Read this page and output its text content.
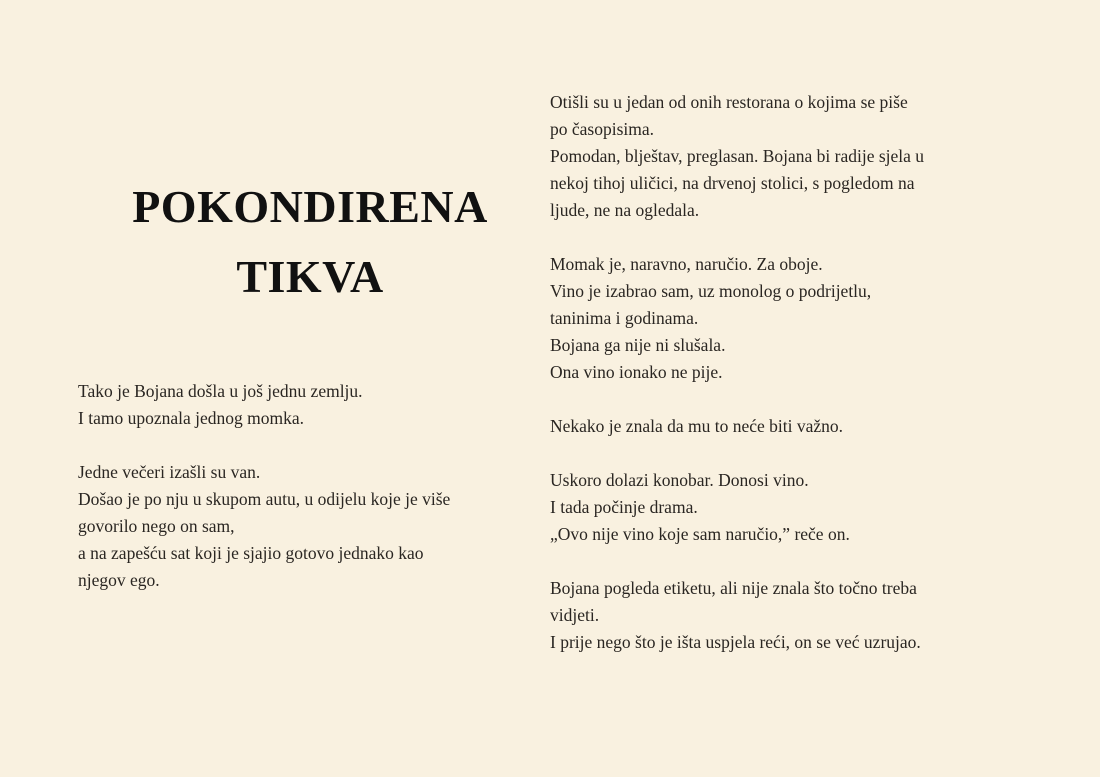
POKONDIRENA
TIKVA
Tako je Bojana došla u još jednu zemlju.
I tamo upoznala jednog momka.
Jedne večeri izašli su van.
Došao je po nju u skupom autu, u odijelu koje je više
govorilo nego on sam,
a na zapešću sat koji je sjajio gotovo jednako kao
njegov ego.
Otišli su u jedan od onih restorana o kojima se piše
po časopisima.
Pomodan, blještav, preglasan. Bojana bi radije sjela u
nekoj tihoj uličici, na drvenoj stolici, s pogledom na
ljude, ne na ogledala.
Momak je, naravno, naručio. Za oboje.
Vino je izabrao sam, uz monolog o podrijetlu,
taninima i godinama.
Bojana ga nije ni slušala.
Ona vino ionako ne pije.
Nekako je znala da mu to neće biti važno.
Uskoro dolazi konobar. Donosi vino.
I tada počinje drama.
„Ovo nije vino koje sam naručio,” reče on.
Bojana pogleda etiketu, ali nije znala što točno treba
vidjeti.
I prije nego što je išta uspjela reći, on se već uzrujao.
